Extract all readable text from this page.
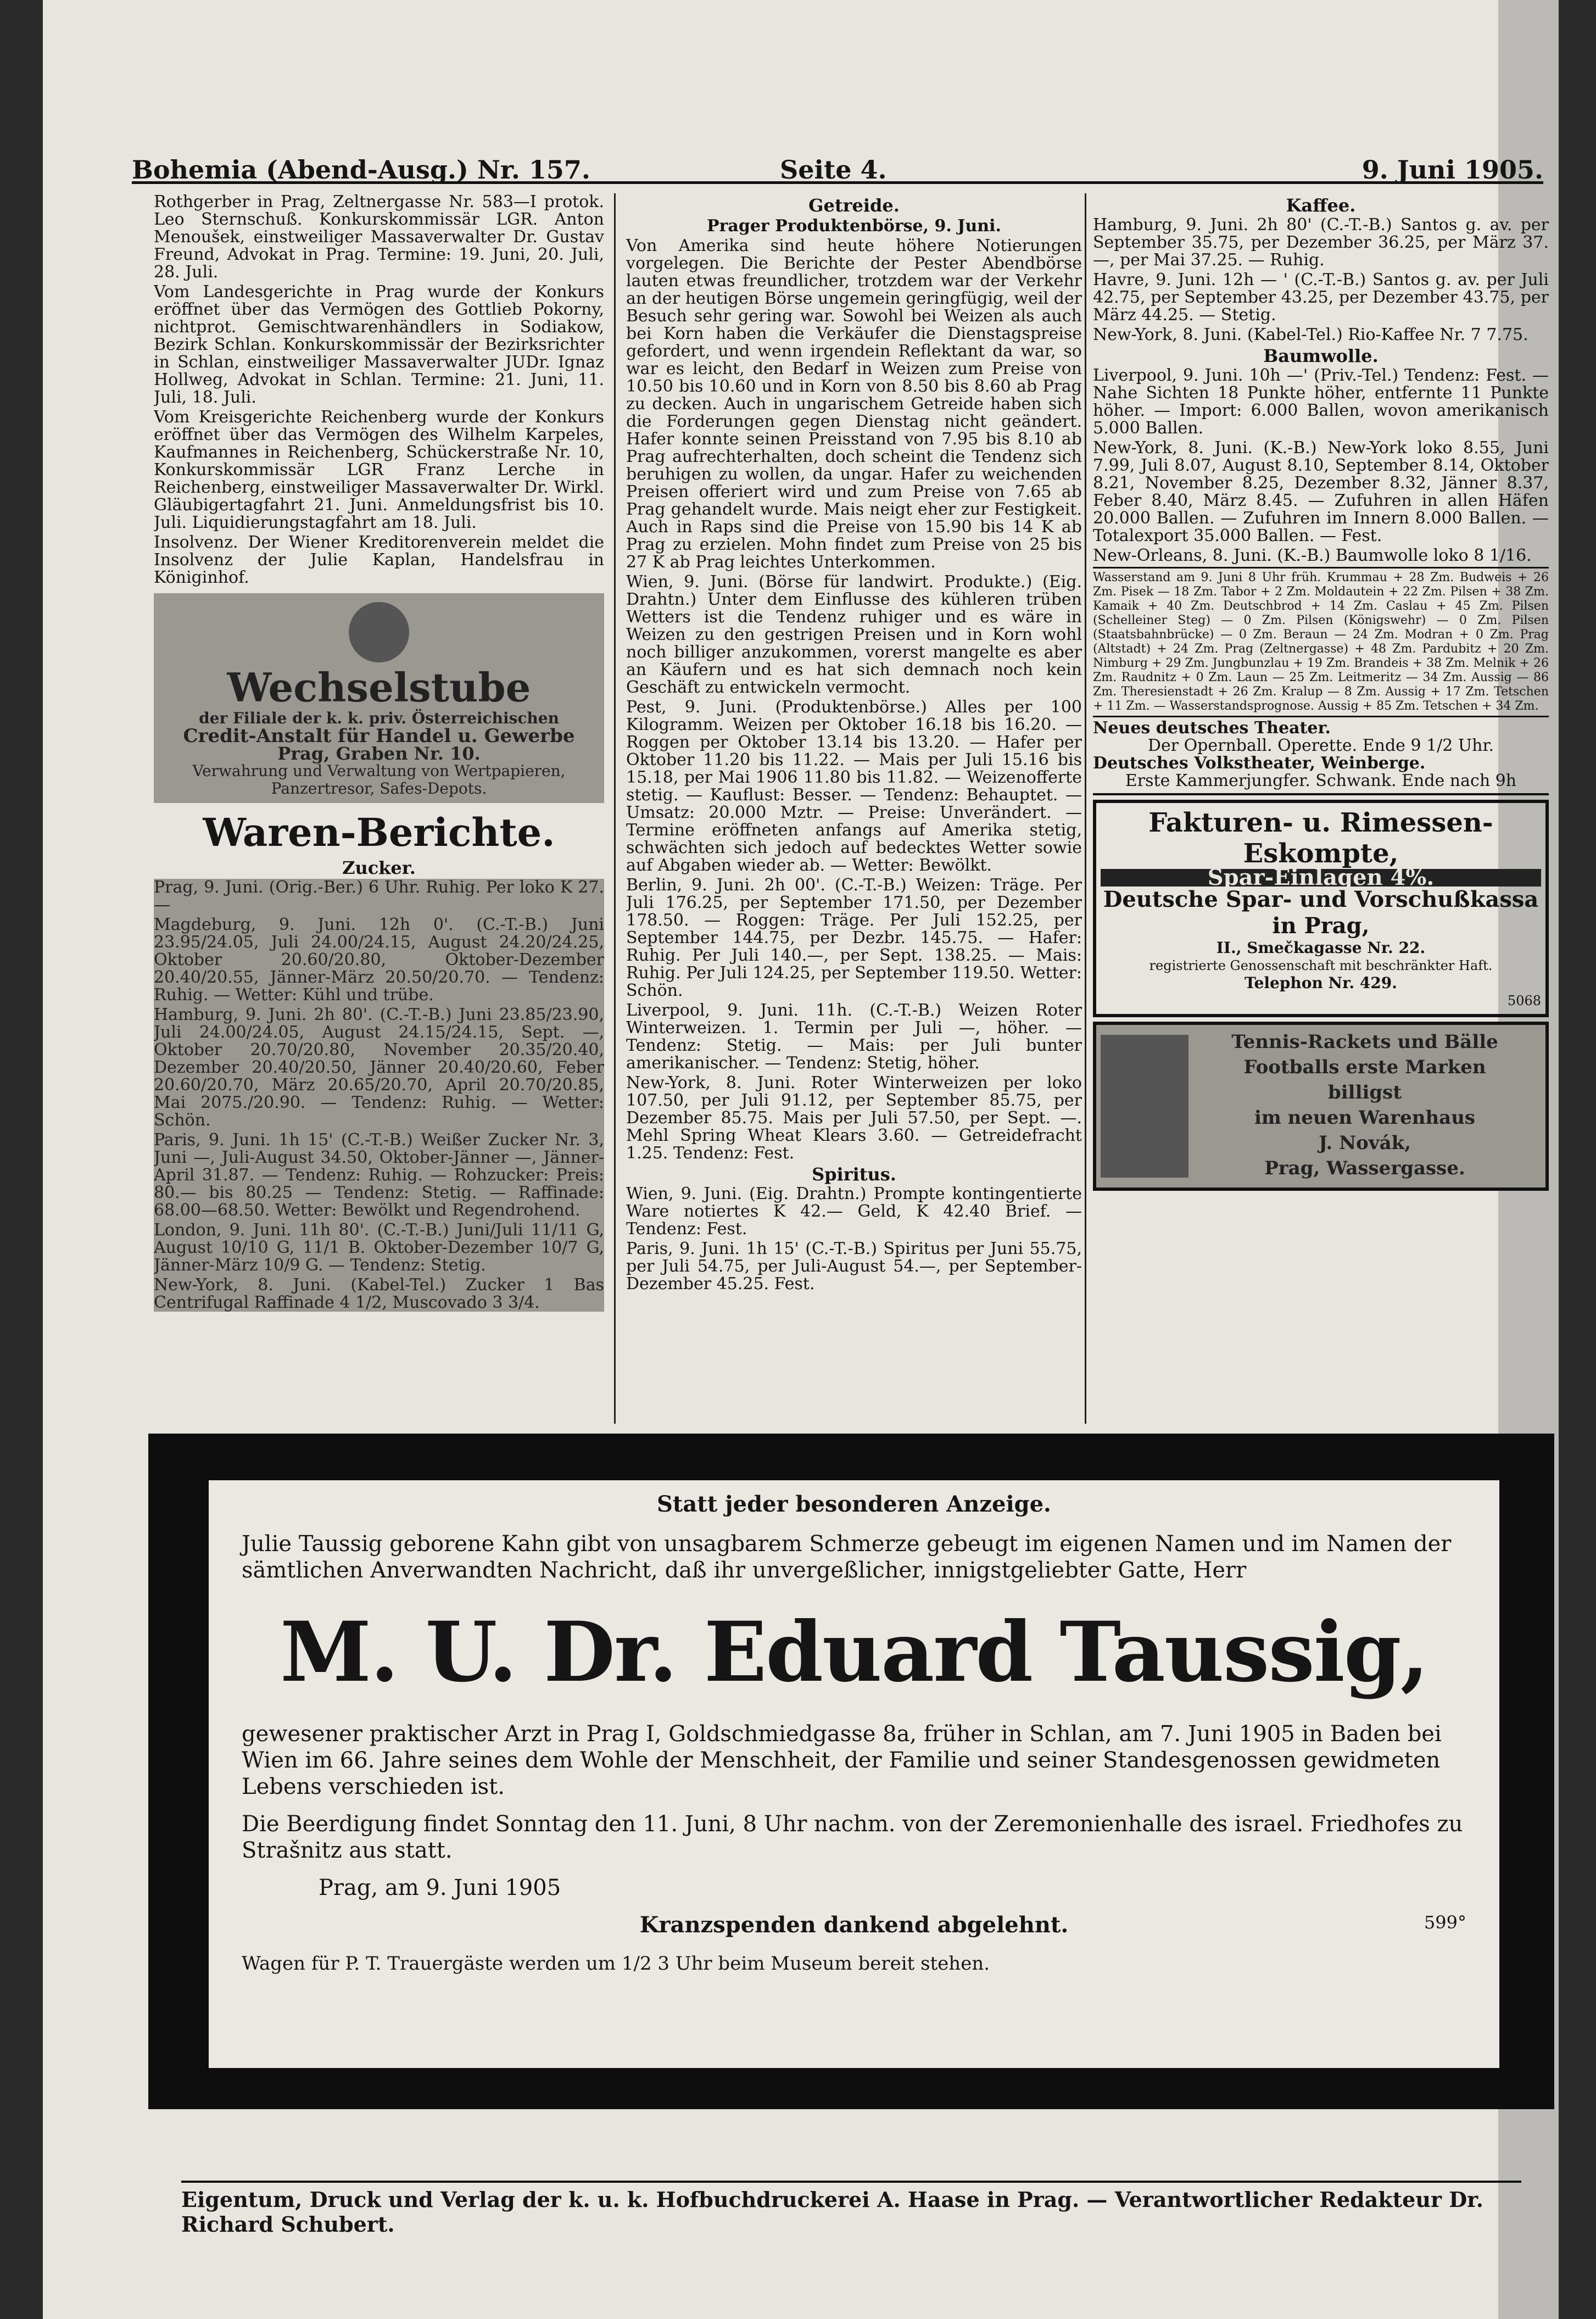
Bohemia (Abend-Ausg.) Nr. 157.	Seite 4.	9. Juni 1905.

Rothgerber in Prag, Zeltnergasse Nr. 583—I protok. Leo Sternschuß. Konkurskommissär LGR. Anton Menoušek, einstweiliger Massaverwalter Dr. Gustav Freund, Advokat in Prag. Termine: 19. Juni, 20. Juli, 28. Juli.

Vom Landesgerichte in Prag wurde der Konkurs eröffnet über das Vermögen des Gottlieb Pokorny, nichtprot. Gemischtwarenhändlers in Sodiakow, Bezirk Schlan. Konkurskommissär der Bezirksrichter in Schlan, einstweiliger Massaverwalter JUDr. Ignaz Hollweg, Advokat in Schlan. Termine: 21. Juni, 11. Juli, 18. Juli.

Vom Kreisgerichte Reichenberg wurde der Konkurs eröffnet über das Vermögen des Wilhelm Karpeles, Kaufmannes in Reichenberg, Schückerstraße Nr. 10, Konkurskommissär LGR Franz Lerche in Reichenberg, einstweiliger Massaverwalter Dr. Wirkl. Gläubigertagfahrt 21. Juni. Anmeldungsfrist bis 10. Juli. Liquidierungstagfahrt am 18. Juli.

Insolvenz. Der Wiener Kreditorenverein meldet die Insolvenz der Julie Kaplan, Handelsfrau in Königinhof.

Wechselstube
der Filiale der k. k. priv. Österreichischen
Credit-Anstalt für Handel u. Gewerbe
Prag, Graben Nr. 10.
Verwahrung und Verwaltung von Wertpapieren, Panzertresor, Safes-Depots.
Waren-Berichte.
Zucker.

Prag, 9. Juni. (Orig.-Ber.) 6 Uhr. Ruhig. Per loko K 27.—

Magdeburg, 9. Juni. 12h 0'. (C.-T.-B.) Juni 23.95/24.05, Juli 24.00/24.15, August 24.20/24.25, Oktober 20.60/20.80, Oktober-Dezember 20.40/20.55, Jänner-März 20.50/20.70. — Tendenz: Ruhig. — Wetter: Kühl und trübe.

Hamburg, 9. Juni. 2h 80'. (C.-T.-B.) Juni 23.85/23.90, Juli 24.00/24.05, August 24.15/24.15, Sept. —, Oktober 20.70/20.80, November 20.35/20.40, Dezember 20.40/20.50, Jänner 20.40/20.60, Feber 20.60/20.70, März 20.65/20.70, April 20.70/20.85, Mai 2075./20.90. — Tendenz: Ruhig. — Wetter: Schön.

Paris, 9. Juni. 1h 15' (C.-T.-B.) Weißer Zucker Nr. 3, Juni —, Juli-August 34.50, Oktober-Jänner —, Jänner-April 31.87. — Tendenz: Ruhig. — Rohzucker: Preis: 80.— bis 80.25 — Tendenz: Stetig. — Raffinade: 68.00—68.50. Wetter: Bewölkt und Regendrohend.

London, 9. Juni. 11h 80'. (C.-T.-B.) Juni/Juli 11/11 G, August 10/10 G, 11/1 B. Oktober-Dezember 10/7 G, Jänner-März 10/9 G. — Tendenz: Stetig.

New-York, 8. Juni. (Kabel-Tel.) Zucker 1 Bas Centrifugal Raffinade 4 1/2, Muscovado 3 3/4.

Getreide.
Prager Produktenbörse, 9. Juni.

Von Amerika sind heute höhere Notierungen vorgelegen. Die Berichte der Pester Abendbörse lauten etwas freundlicher, trotzdem war der Verkehr an der heutigen Börse ungemein geringfügig, weil der Besuch sehr gering war. Sowohl bei Weizen als auch bei Korn haben die Verkäufer die Dienstagspreise gefordert, und wenn irgendein Reflektant da war, so war es leicht, den Bedarf in Weizen zum Preise von 10.50 bis 10.60 und in Korn von 8.50 bis 8.60 ab Prag zu decken. Auch in ungarischem Getreide haben sich die Forderungen gegen Dienstag nicht geändert. Hafer konnte seinen Preisstand von 7.95 bis 8.10 ab Prag aufrechterhalten, doch scheint die Tendenz sich beruhigen zu wollen, da ungar. Hafer zu weichenden Preisen offeriert wird und zum Preise von 7.65 ab Prag gehandelt wurde. Mais neigt eher zur Festigkeit. Auch in Raps sind die Preise von 15.90 bis 14 K ab Prag zu erzielen. Mohn findet zum Preise von 25 bis 27 K ab Prag leichtes Unterkommen.

Wien, 9. Juni. (Börse für landwirt. Produkte.) (Eig. Drahtn.) Unter dem Einflusse des kühleren trüben Wetters ist die Tendenz ruhiger und es wäre in Weizen zu den gestrigen Preisen und in Korn wohl noch billiger anzukommen, vorerst mangelte es aber an Käufern und es hat sich demnach noch kein Geschäft zu entwickeln vermocht.

Pest, 9. Juni. (Produktenbörse.) Alles per 100 Kilogramm. Weizen per Oktober 16.18 bis 16.20. — Roggen per Oktober 13.14 bis 13.20. — Hafer per Oktober 11.20 bis 11.22. — Mais per Juli 15.16 bis 15.18, per Mai 1906 11.80 bis 11.82. — Weizenofferte stetig. — Kauflust: Besser. — Tendenz: Behauptet. — Umsatz: 20.000 Mztr. — Preise: Unverändert. — Termine eröffneten anfangs auf Amerika stetig, schwächten sich jedoch auf bedecktes Wetter sowie auf Abgaben wieder ab. — Wetter: Bewölkt.

Berlin, 9. Juni. 2h 00'. (C.-T.-B.) Weizen: Träge. Per Juli 176.25, per September 171.50, per Dezember 178.50. — Roggen: Träge. Per Juli 152.25, per September 144.75, per Dezbr. 145.75. — Hafer: Ruhig. Per Juli 140.—, per Sept. 138.25. — Mais: Ruhig. Per Juli 124.25, per September 119.50. Wetter: Schön.

Liverpool, 9. Juni. 11h. (C.-T.-B.) Weizen Roter Winterweizen. 1. Termin per Juli —, höher. — Tendenz: Stetig. — Mais: per Juli bunter amerikanischer. — Tendenz: Stetig, höher.

New-York, 8. Juni. Roter Winterweizen per loko 107.50, per Juli 91.12, per September 85.75, per Dezember 85.75. Mais per Juli 57.50, per Sept. —. Mehl Spring Wheat Klears 3.60. — Getreidefracht 1.25. Tendenz: Fest.

Spiritus.

Wien, 9. Juni. (Eig. Drahtn.) Prompte kontingentierte Ware notiertes K 42.— Geld, K 42.40 Brief. — Tendenz: Fest.

Paris, 9. Juni. 1h 15' (C.-T.-B.) Spiritus per Juni 55.75, per Juli 54.75, per Juli-August 54.—, per September-Dezember 45.25. Fest.

Kaffee.

Hamburg, 9. Juni. 2h 80' (C.-T.-B.) Santos g. av. per September 35.75, per Dezember 36.25, per März 37.—, per Mai 37.25. — Ruhig.

Havre, 9. Juni. 12h — ' (C.-T.-B.) Santos g. av. per Juli 42.75, per September 43.25, per Dezember 43.75, per März 44.25. — Stetig.

New-York, 8. Juni. (Kabel-Tel.) Rio-Kaffee Nr. 7 7.75.

Baumwolle.

Liverpool, 9. Juni. 10h —' (Priv.-Tel.) Tendenz: Fest. — Nahe Sichten 18 Punkte höher, entfernte 11 Punkte höher. — Import: 6.000 Ballen, wovon amerikanisch 5.000 Ballen.

New-York, 8. Juni. (K.-B.) New-York loko 8.55, Juni 7.99, Juli 8.07, August 8.10, September 8.14, Oktober 8.21, November 8.25, Dezember 8.32, Jänner 8.37, Feber 8.40, März 8.45. — Zufuhren in allen Häfen 20.000 Ballen. — Zufuhren im Innern 8.000 Ballen. — Totalexport 35.000 Ballen. — Fest.

New-Orleans, 8. Juni. (K.-B.) Baumwolle loko 8 1/16.

Wasserstand am 9. Juni 8 Uhr früh. Krummau + 28 Zm. Budweis + 26 Zm. Pisek — 18 Zm. Tabor + 2 Zm. Moldautein + 22 Zm. Pilsen + 38 Zm. Kamaik + 40 Zm. Deutschbrod + 14 Zm. Caslau + 45 Zm. Pilsen (Schelleiner Steg) — 0 Zm. Pilsen (Königswehr) — 0 Zm. Pilsen (Staatsbahnbrücke) — 0 Zm. Beraun — 24 Zm. Modran + 0 Zm. Prag (Altstadt) + 24 Zm. Prag (Zeltnergasse) + 48 Zm. Pardubitz + 20 Zm. Nimburg + 29 Zm. Jungbunzlau + 19 Zm. Brandeis + 38 Zm. Melnik + 26 Zm. Raudnitz + 0 Zm. Laun — 25 Zm. Leitmeritz — 34 Zm. Aussig — 86 Zm. Theresienstadt + 26 Zm. Kralup — 8 Zm. Aussig + 17 Zm. Tetschen + 11 Zm. — Wasserstandsprognose. Aussig + 85 Zm. Tetschen + 34 Zm.

Neues deutsches Theater.
Der Opernball. Operette. Ende 9 1/2 Uhr.
Deutsches Volkstheater, Weinberge.
Erste Kammerjungfer. Schwank. Ende nach 9h
Fakturen- u. Rimessen-Eskompte,
Spar-Einlagen 4%.
Deutsche Spar- und Vorschußkassa in Prag,
II., Smečkagasse Nr. 22.
registrierte Genossenschaft mit beschränkter Haft.
Telephon Nr. 429.
5068
Tennis-Rackets und Bälle
Footballs erste Marken
billigst
im neuen Warenhaus
J. Novák,
Prag, Wassergasse.

Statt jeder besonderen Anzeige.

Julie Taussig geborene Kahn gibt von unsagbarem Schmerze gebeugt im eigenen Namen und im Namen der sämtlichen Anverwandten Nachricht, daß ihr unvergeßlicher, innigstgeliebter Gatte, Herr

M. U. Dr. Eduard Taussig,

gewesener praktischer Arzt in Prag I, Goldschmiedgasse 8a, früher in Schlan, am 7. Juni 1905 in Baden bei Wien im 66. Jahre seines dem Wohle der Menschheit, der Familie und seiner Standesgenossen gewidmeten Lebens verschieden ist.

Die Beerdigung findet Sonntag den 11. Juni, 8 Uhr nachm. von der Zeremonienhalle des israel. Friedhofes zu Strašnitz aus statt.

Prag, am 9. Juni 1905

Kranzspenden dankend abgelehnt.	599°

Wagen für P. T. Trauergäste werden um 1/2 3 Uhr beim Museum bereit stehen.

Eigentum, Druck und Verlag der k. u. k. Hofbuchdruckerei A. Haase in Prag. — Verantwortlicher Redakteur Dr. Richard Schubert.
